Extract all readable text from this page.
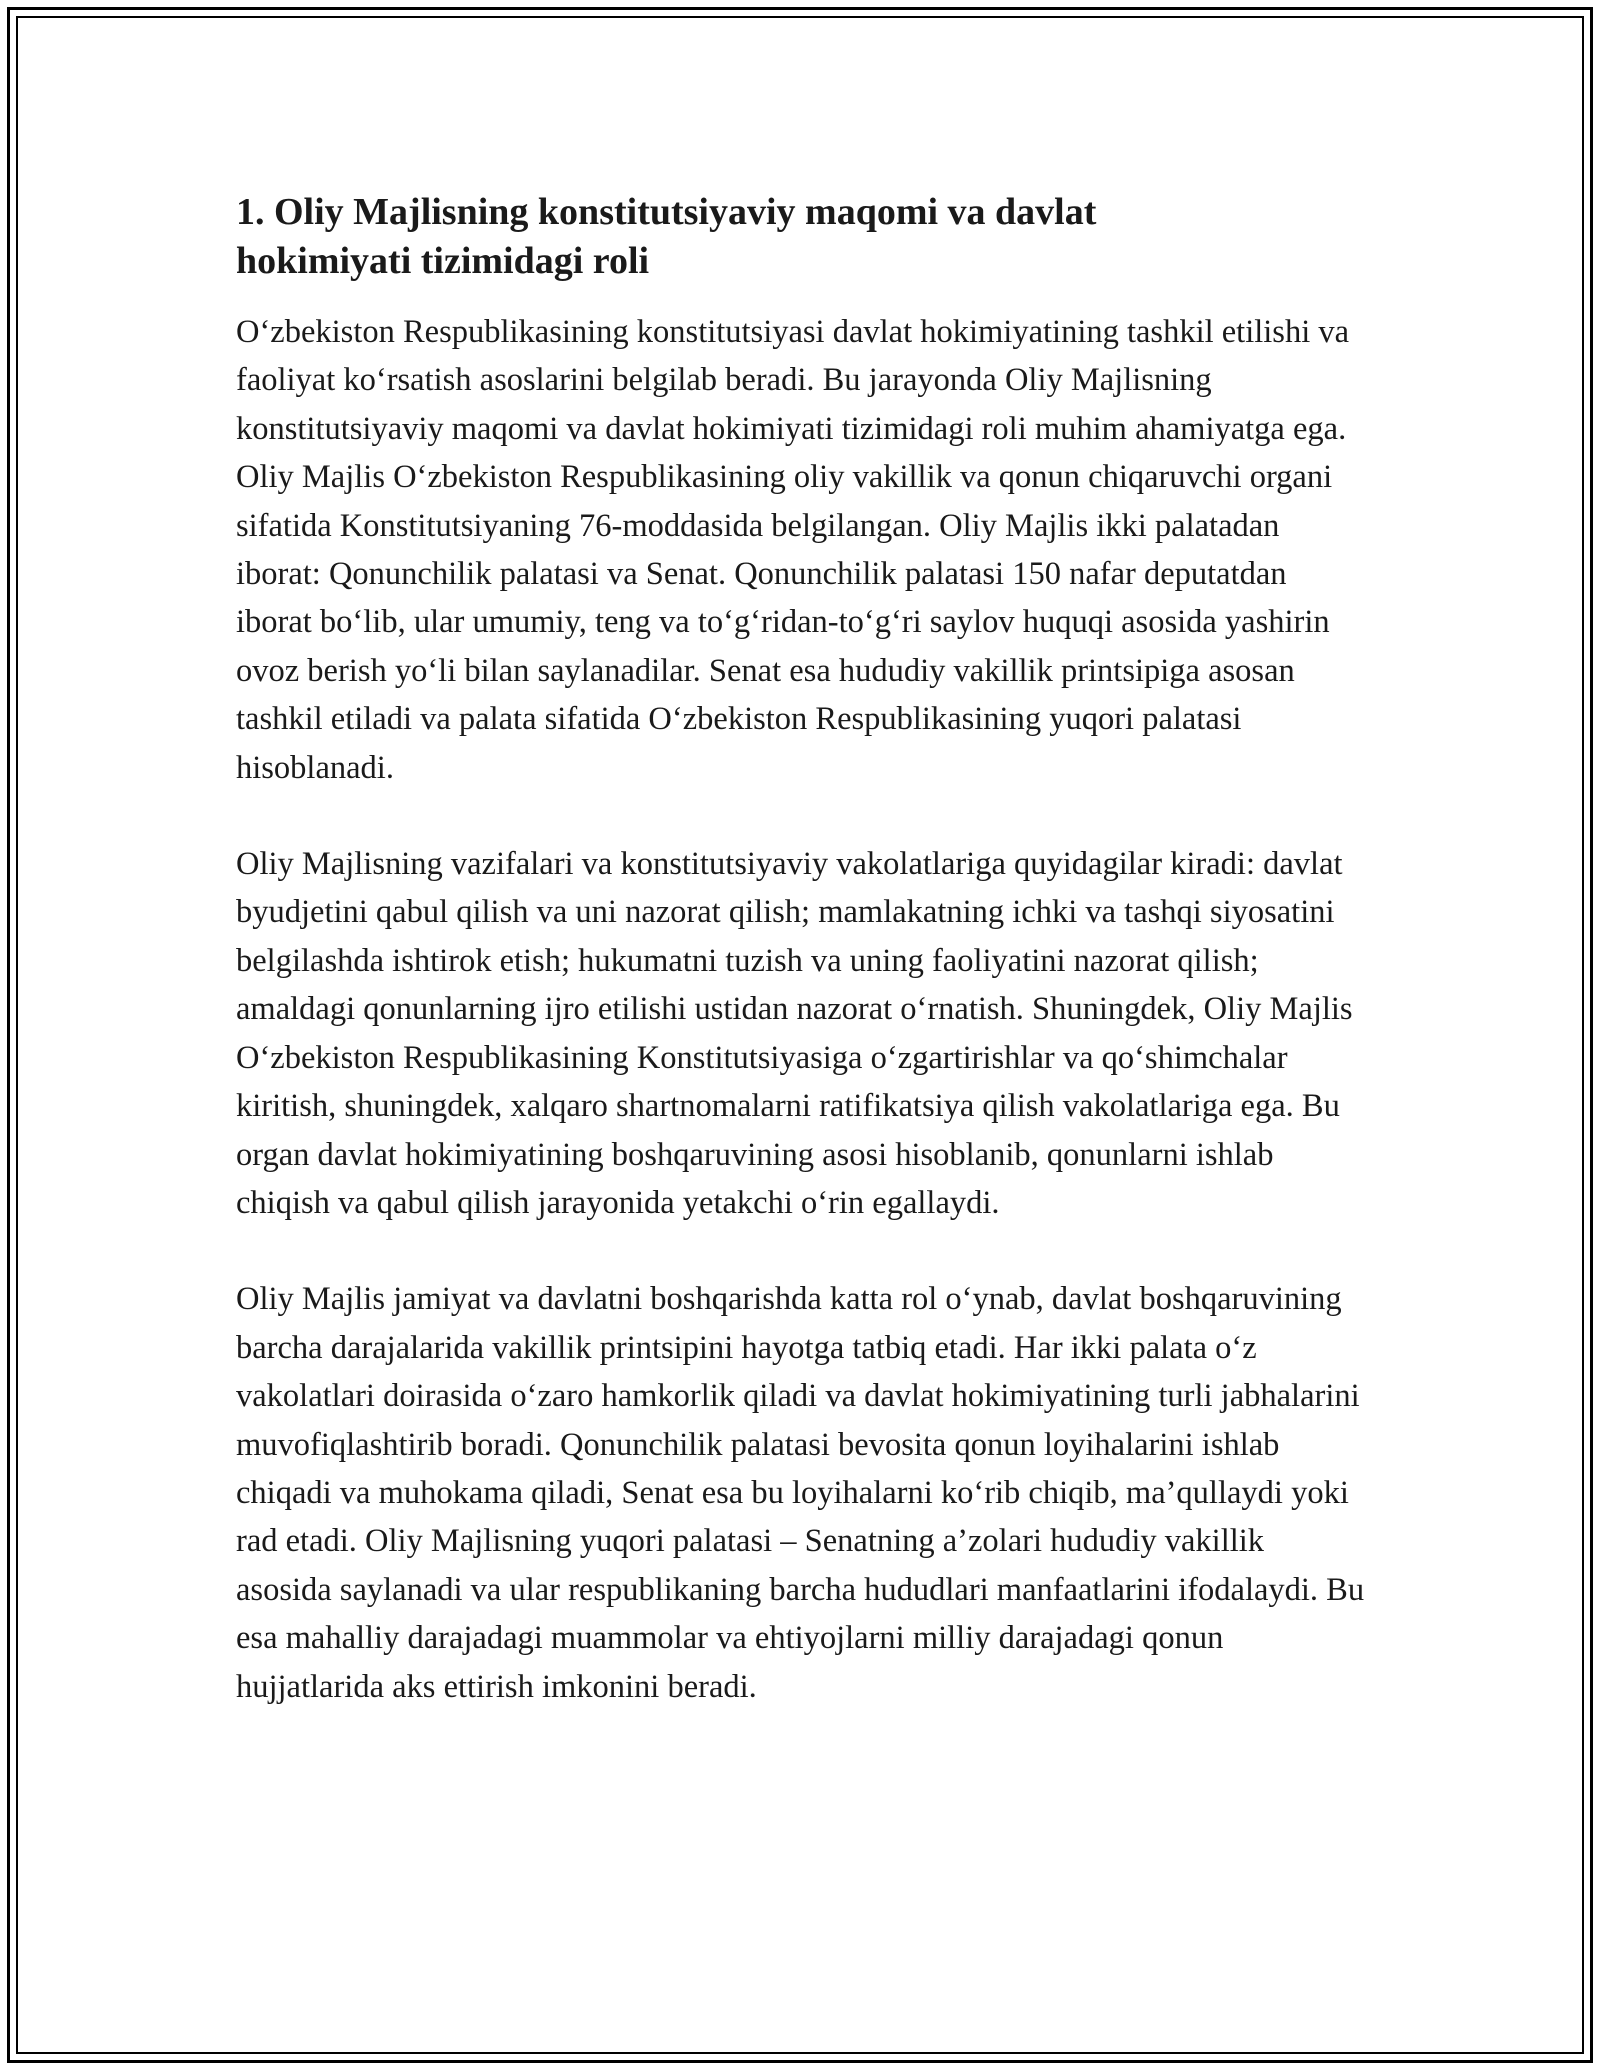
1. Oliy Majlisning konstitutsiyaviy maqomi va davlat hokimiyati tizimidagi roli

O‘zbekiston Respublikasining konstitutsiyasi davlat hokimiyatining tashkil etilishi va faoliyat ko‘rsatish asoslarini belgilab beradi. Bu jarayonda Oliy Majlisning konstitutsiyaviy maqomi va davlat hokimiyati tizimidagi roli muhim ahamiyatga ega. Oliy Majlis O‘zbekiston Respublikasining oliy vakillik va qonun chiqaruvchi organi sifatida Konstitutsiyaning 76-moddasida belgilangan. Oliy Majlis ikki palatadan iborat: Qonunchilik palatasi va Senat. Qonunchilik palatasi 150 nafar deputatdan iborat bo‘lib, ular umumiy, teng va to‘g‘ridan-to‘g‘ri saylov huquqi asosida yashirin ovoz berish yo‘li bilan saylanadilar. Senat esa hududiy vakillik printsipiga asosan tashkil etiladi va palata sifatida O‘zbekiston Respublikasining yuqori palatasi hisoblanadi.

Oliy Majlisning vazifalari va konstitutsiyaviy vakolatlariga quyidagilar kiradi: davlat byudjetini qabul qilish va uni nazorat qilish; mamlakatning ichki va tashqi siyosatini belgilashda ishtirok etish; hukumatni tuzish va uning faoliyatini nazorat qilish; amaldagi qonunlarning ijro etilishi ustidan nazorat o‘rnatish. Shuningdek, Oliy Majlis O‘zbekiston Respublikasining Konstitutsiyasiga o‘zgartirishlar va qo‘shimchalar kiritish, shuningdek, xalqaro shartnomalarni ratifikatsiya qilish vakolatlariga ega. Bu organ davlat hokimiyatining boshqaruvining asosi hisoblanib, qonunlarni ishlab chiqish va qabul qilish jarayonida yetakchi o‘rin egallaydi.

Oliy Majlis jamiyat va davlatni boshqarishda katta rol o‘ynab, davlat boshqaruvining barcha darajalarida vakillik printsipini hayotga tatbiq etadi. Har ikki palata o‘z vakolatlari doirasida o‘zaro hamkorlik qiladi va davlat hokimiyatining turli jabhalarini muvofiqlashtirib boradi. Qonunchilik palatasi bevosita qonun loyihalarini ishlab chiqadi va muhokama qiladi, Senat esa bu loyihalarni ko‘rib chiqib, ma’qullaydi yoki rad etadi. Oliy Majlisning yuqori palatasi – Senatning a’zolari hududiy vakillik asosida saylanadi va ular respublikaning barcha hududlari manfaatlarini ifodalaydi. Bu esa mahalliy darajadagi muammolar va ehtiyojlarni milliy darajadagi qonun hujjatlarida aks ettirish imkonini beradi.
